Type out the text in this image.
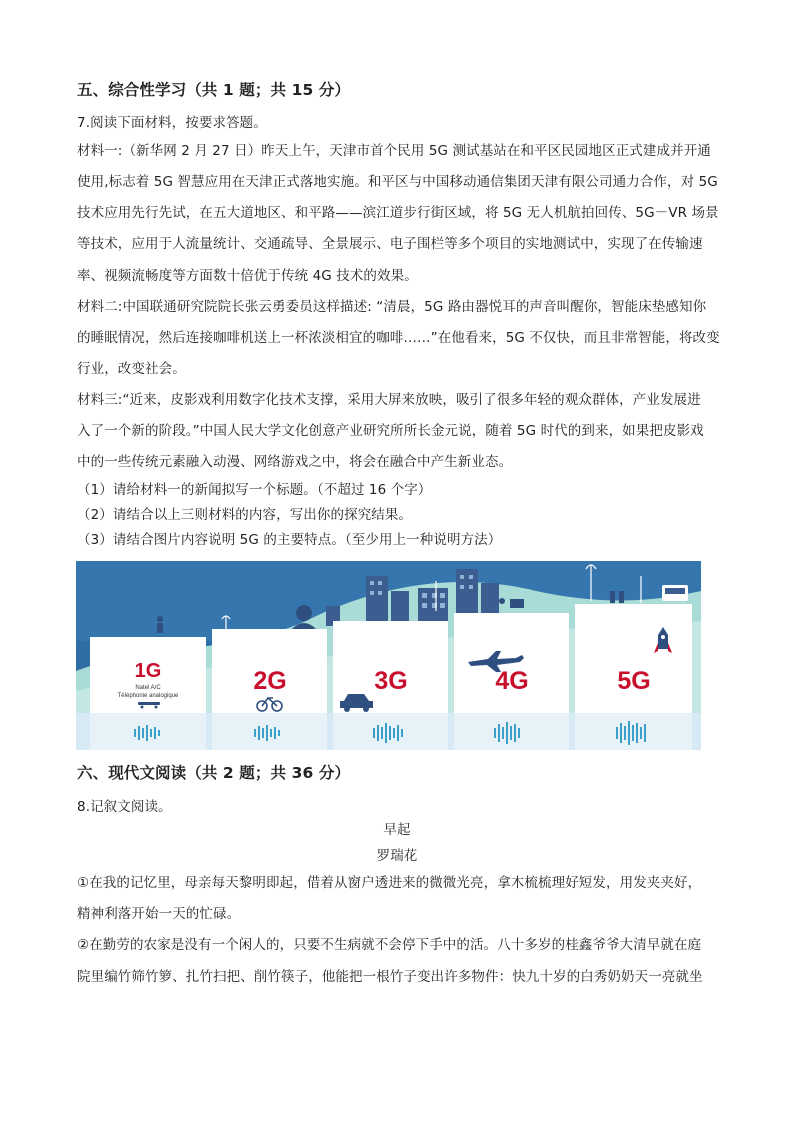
五、综合性学习（共 1 题；共 15 分）
7.阅读下面材料，按要求答题。
材料一:（新华网 2 月 27 日）昨天上午，天津市首个民用 5G 测试基站在和平区民园地区正式建成并开通
使用,标志着 5G 智慧应用在天津正式落地实施。和平区与中国移动通信集团天津有限公司通力合作，对 5G
技术应用先行先试，在五大道地区、和平路——滨江道步行街区域，将 5G 无人机航拍回传、5G－VR 场景
等技术，应用于人流量统计、交通疏导、全景展示、电子围栏等多个项目的实地测试中，实现了在传输速
率、视频流畅度等方面数十倍优于传统 4G 技术的效果。
材料二:中国联通研究院院长张云勇委员这样描述: “清晨，5G 路由器悦耳的声音叫醒你，智能床垫感知你
的睡眠情况，然后连接咖啡机送上一杯浓淡相宜的咖啡……”在他看来，5G 不仅快，而且非常智能，将改变
行业，改变社会。
材料三:“近来，皮影戏利用数字化技术支撑，采用大屏来放映，吸引了很多年轻的观众群体，产业发展进
入了一个新的阶段。”中国人民大学文化创意产业研究所所长金元说，随着 5G 时代的到来，如果把皮影戏
中的一些传统元素融入动漫、网络游戏之中，将会在融合中产生新业态。
（1）请给材料一的新闻拟写一个标题。（不超过 16 个字）
（2）请结合以上三则材料的内容，写出你的探究结果。
（3）请结合图片内容说明 5G 的主要特点。（至少用上一种说明方法）
1G
Natel A/C
Téléphonie analogique
2G	3G	4G	5G
六、现代文阅读（共 2 题；共 36 分）
8.记叙文阅读。
早起
罗瑞花
①在我的记忆里，母亲每天黎明即起，借着从窗户透进来的微微光亮，拿木梳梳理好短发，用发夹夹好，
精神利落开始一天的忙碌。
②在勤劳的农家是没有一个闲人的，只要不生病就不会停下手中的活。八十多岁的桂鑫爷爷大清早就在庭
院里编竹筛竹箩、扎竹扫把、削竹筷子，他能把一根竹子变出许多物件：快九十岁的白秀奶奶天一亮就坐
